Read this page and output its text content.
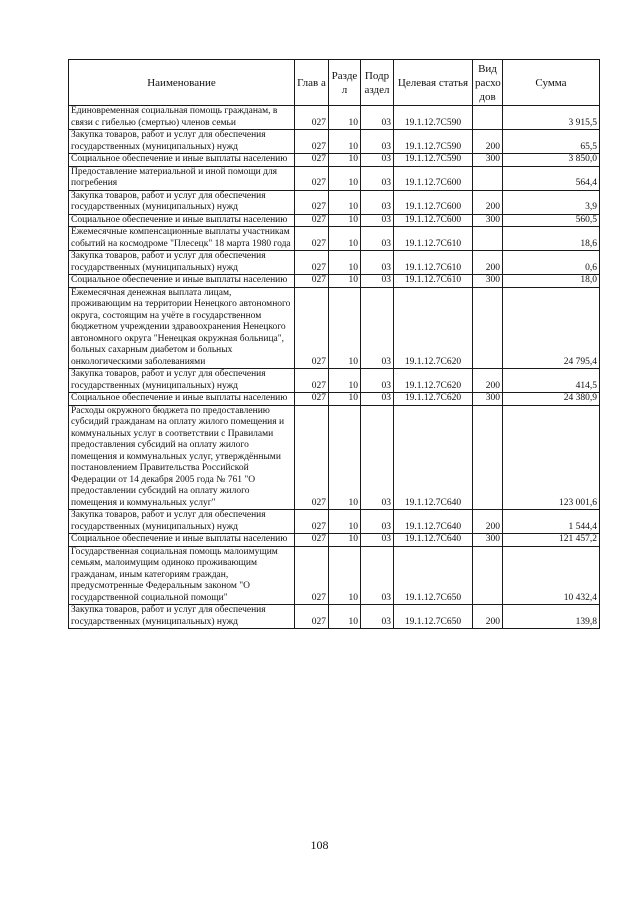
Наименование	Глав а	Разде л	Подр аздел	Целевая статья	Вид расхо дов	Сумма
Единовременная социальная помощь гражданам, в связи с гибелью (смертью) членов семьи	027	10	03	19.1.12.7С590		3 915,5
Закупка товаров, работ и услуг для обеспечения государственных (муниципальных) нужд	027	10	03	19.1.12.7С590	200	65,5
Социальное обеспечение и иные выплаты населению	027	10	03	19.1.12.7С590	300	3 850,0
Предоставление материальной и иной помощи для погребения	027	10	03	19.1.12.7С600		564,4
Закупка товаров, работ и услуг для обеспечения государственных (муниципальных) нужд	027	10	03	19.1.12.7С600	200	3,9
Социальное обеспечение и иные выплаты населению	027	10	03	19.1.12.7С600	300	560,5
Ежемесячные компенсационные выплаты участникам событий на космодроме "Плесецк" 18 марта 1980 года	027	10	03	19.1.12.7С610		18,6
Закупка товаров, работ и услуг для обеспечения государственных (муниципальных) нужд	027	10	03	19.1.12.7С610	200	0,6
Социальное обеспечение и иные выплаты населению	027	10	03	19.1.12.7С610	300	18,0
Ежемесячная денежная выплата лицам, проживающим на территории Ненецкого автономного округа, состоящим на учёте в государственном бюджетном учреждении здравоохранения Ненецкого автономного округа "Ненецкая окружная больница", больных сахарным диабетом и больных онкологическими заболеваниями	027	10	03	19.1.12.7С620		24 795,4
Закупка товаров, работ и услуг для обеспечения государственных (муниципальных) нужд	027	10	03	19.1.12.7С620	200	414,5
Социальное обеспечение и иные выплаты населению	027	10	03	19.1.12.7С620	300	24 380,9
Расходы окружного бюджета по предоставлению субсидий гражданам на оплату жилого помещения и коммунальных услуг в соответствии с Правилами предоставления субсидий на оплату жилого помещения и коммунальных услуг, утверждёнными постановлением Правительства Российской Федерации от 14 декабря 2005 года № 761 "О предоставлении субсидий на оплату жилого помещения и коммунальных услуг"	027	10	03	19.1.12.7С640		123 001,6
Закупка товаров, работ и услуг для обеспечения государственных (муниципальных) нужд	027	10	03	19.1.12.7С640	200	1 544,4
Социальное обеспечение и иные выплаты населению	027	10	03	19.1.12.7С640	300	121 457,2
Государственная социальная помощь малоимущим семьям, малоимущим одиноко проживающим гражданам, иным категориям граждан, предусмотренные Федеральным законом "О государственной социальной помощи"	027	10	03	19.1.12.7С650		10 432,4
Закупка товаров, работ и услуг для обеспечения государственных (муниципальных) нужд	027	10	03	19.1.12.7С650	200	139,8
108
